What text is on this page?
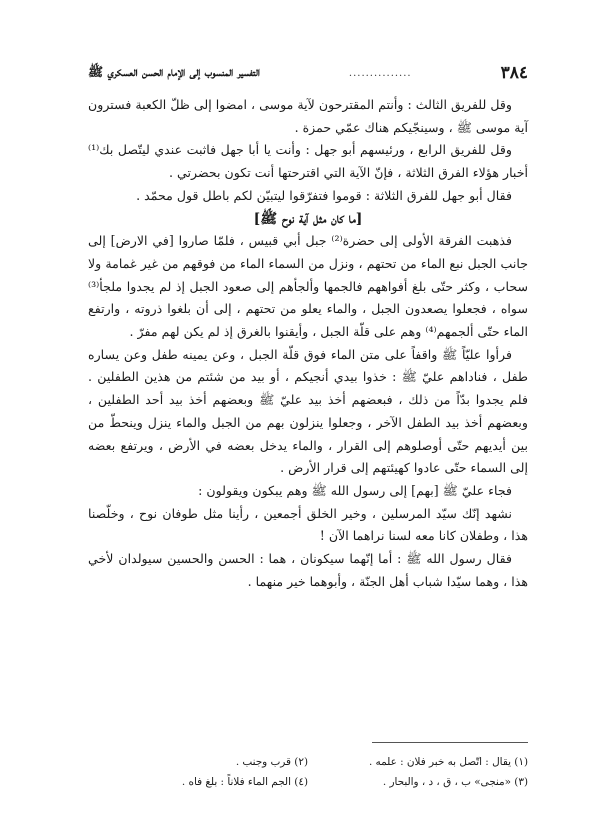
٣٨٤
...............
التفسير المنسوب إلى الإمام الحسن العسكري ﷺ

وقل للفريق الثالث : وأنتم المقترحون لآية موسى ، امضوا إلى ظلّ الكعبة فسترون آية موسى ﷺ ، وسينجّيكم هناك عمّي حمزة .

وقل للفريق الرابع ، ورئيسهم أبو جهل : وأنت يا أبا جهل فاثبت عندي ليتّصل بك⁽¹⁾ أخبار هؤلاء الفرق الثلاثة ، فإنّ الآية التي اقترحتها أنت تكون بحضرتي .

فقال أبو جهل للفرق الثلاثة : قوموا فتفرّقوا ليتبيّن لكم باطل قول محمّد .

[ما كان مثل آية نوح ﷺ]

فذهبت الفرقة الأولى إلى حضرة⁽²⁾ جبل أبي قبيس ، فلمّا صاروا [في الارض] إلى جانب الجبل نبع الماء من تحتهم ، ونزل من السماء الماء من فوقهم من غير غمامة ولا سحاب ، وكثر حتّى بلغ أفواههم فالجمها وألجأهم إلى صعود الجبل إذ لم يجدوا ملجأ⁽³⁾ سواه ، فجعلوا يصعدون الجبل ، والماء يعلو من تحتهم ، إلى أن بلغوا ذروته ، وارتفع الماء حتّى ألجمهم⁽⁴⁾ وهم على قلّة الجبل ، وأيقنوا بالغرق إذ لم يكن لهم مفرّ .

فرأوا عليّاً ﷺ واقفاً على متن الماء فوق قلّة الجبل ، وعن يمينه طفل وعن يساره طفل ، فناداهم عليّ ﷺ : خذوا بيدي أنجيكم ، أو بيد من شئتم من هذين الطفلين . فلم يجدوا بدّاً من ذلك ، فبعضهم أخذ بيد عليّ ﷺ وبعضهم أخذ بيد أحد الطفلين ، وبعضهم أخذ بيد الطفل الآخر ، وجعلوا ينزلون بهم من الجبل والماء ينزل وينحطّ من بين أيديهم حتّى أوصلوهم إلى القرار ، والماء يدخل بعضه في الأرض ، ويرتفع بعضه إلى السماء حتّى عادوا كهيئتهم إلى قرار الأرض .

فجاء عليّ ﷺ [بهم] إلى رسول الله ﷺ وهم يبكون ويقولون :

نشهد إنّك سيّد المرسلين ، وخير الخلق أجمعين ، رأينا مثل طوفان نوح ، وخلّصنا هذا ، وطفلان كانا معه لسنا نراهما الآن !

فقال رسول الله ﷺ : أما إنّهما سيكونان ، هما : الحسن والحسين سيولدان لأخي هذا ، وهما سيّدا شباب أهل الجنّة ، وأبوهما خير منهما .

(١) يقال : اتّصل به خبر فلان : علمه .
(٢) قرب وجنب .
(٣) «منجى» ب ، ق ، د ، والبحار .
(٤) الجم الماء فلاناً : بلغ فاه .
